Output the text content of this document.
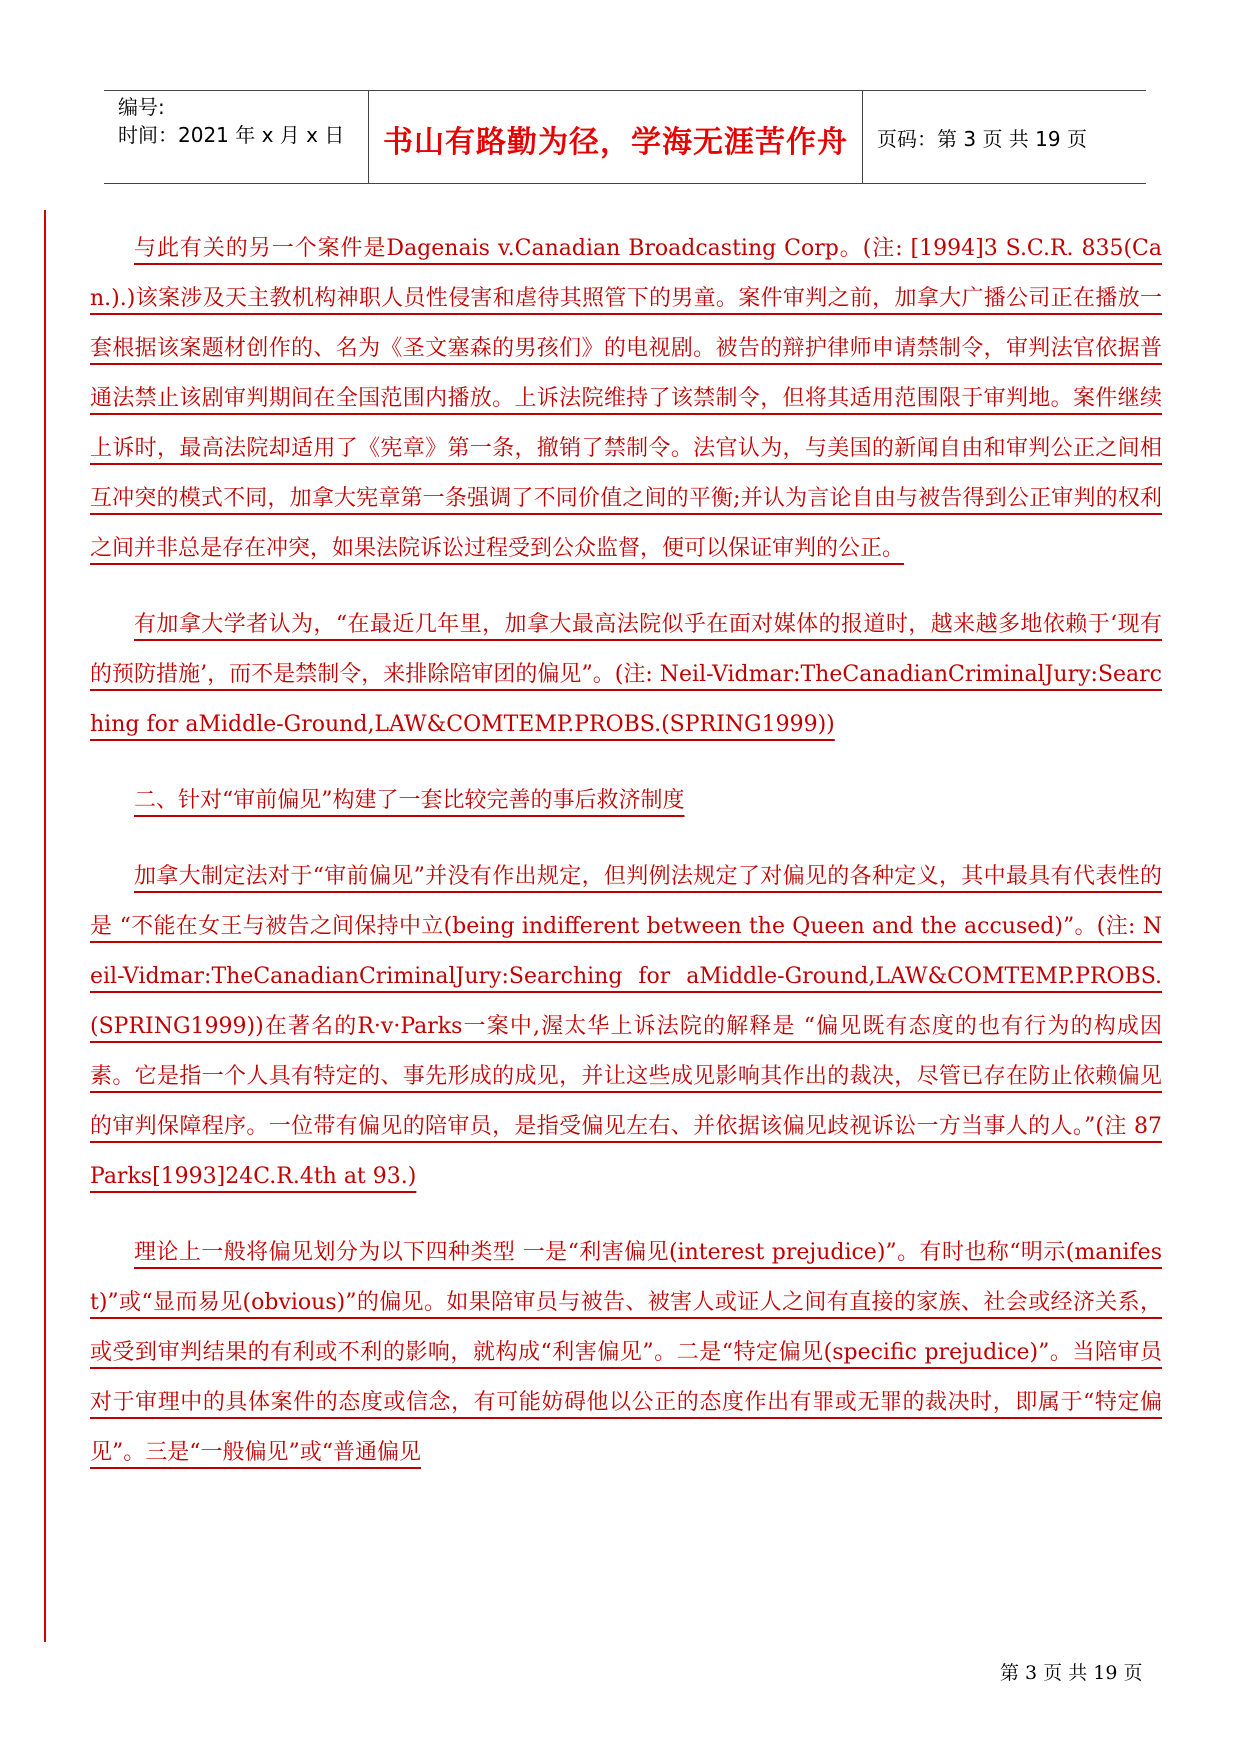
编号:
时间：2021 年 x 月 x 日	书山有路勤为径，学海无涯苦作舟	页码：第 3 页 共 19 页

与此有关的另一个案件是Dagenais v.Canadian Broadcasting Corp。(注: [1994]3 S.C.R. 835(Can.).)该案涉及天主教机构神职人员性侵害和虐待其照管下的男童。案件审判之前，加拿大广播公司正在播放一套根据该案题材创作的、名为《圣文塞森的男孩们》的电视剧。被告的辩护律师申请禁制令，审判法官依据普通法禁止该剧审判期间在全国范围内播放。上诉法院维持了该禁制令，但将其适用范围限于审判地。案件继续上诉时，最高法院却适用了《宪章》第一条，撤销了禁制令。法官认为，与美国的新闻自由和审判公正之间相互冲突的模式不同，加拿大宪章第一条强调了不同价值之间的平衡;并认为言论自由与被告得到公正审判的权利之间并非总是存在冲突，如果法院诉讼过程受到公众监督，便可以保证审判的公正。

有加拿大学者认为，“在最近几年里，加拿大最高法院似乎在面对媒体的报道时，越来越多地依赖于‘现有的预防措施’，而不是禁制令，来排除陪审团的偏见”。(注: Neil-Vidmar:TheCanadianCriminalJury:Searching for aMiddle-Ground,LAW&COMTEMP.PROBS.(SPRING1999))

二、针对“审前偏见”构建了一套比较完善的事后救济制度

加拿大制定法对于“审前偏见”并没有作出规定，但判例法规定了对偏见的各种定义，其中最具有代表性的是 “不能在女王与被告之间保持中立(being indifferent between the Queen and the accused)”。(注: Neil-Vidmar:TheCanadianCriminalJury:Searching for aMiddle-Ground,LAW&COMTEMP.PROBS.(SPRING1999))在著名的R·v·Parks一案中,渥太华上诉法院的解释是 “偏见既有态度的也有行为的构成因素。它是指一个人具有特定的、事先形成的成见，并让这些成见影响其作出的裁决，尽管已存在防止依赖偏见的审判保障程序。一位带有偏见的陪审员，是指受偏见左右、并依据该偏见歧视诉讼一方当事人的人。”(注 87 Parks[1993]24C.R.4th at 93.)

理论上一般将偏见划分为以下四种类型 一是“利害偏见(interest prejudice)”。有时也称“明示(manifest)”或“显而易见(obvious)”的偏见。如果陪审员与被告、被害人或证人之间有直接的家族、社会或经济关系，或受到审判结果的有利或不利的影响，就构成“利害偏见”。二是“特定偏见(specific prejudice)”。当陪审员对于审理中的具体案件的态度或信念，有可能妨碍他以公正的态度作出有罪或无罪的裁决时，即属于“特定偏见”。三是“一般偏见”或“普通偏见

第 3 页 共 19 页
